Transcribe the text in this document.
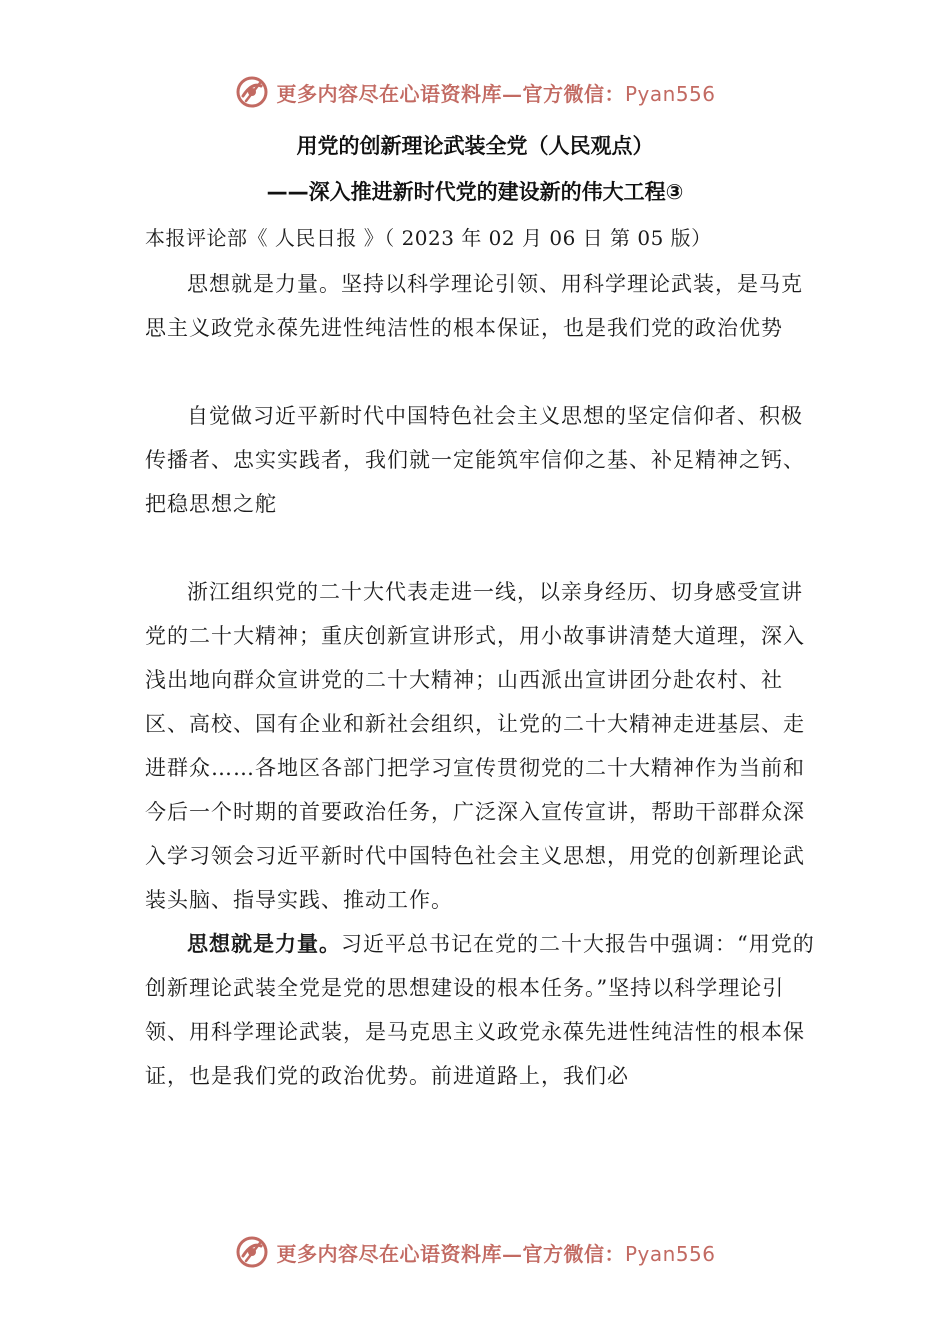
更多内容尽在心语资料库—官方微信：Pyan556
用党的创新理论武装全党（人民观点）
——深入推进新时代党的建设新的伟大工程③
本报评论部《 人民日报 》（ 2023 年 02 月 06 日 第 05 版）

思想就是力量。坚持以科学理论引领、用科学理论武装，是马克思主义政党永葆先进性纯洁性的根本保证，也是我们党的政治优势

自觉做习近平新时代中国特色社会主义思想的坚定信仰者、积极传播者、忠实实践者，我们就一定能筑牢信仰之基、补足精神之钙、把稳思想之舵

浙江组织党的二十大代表走进一线，以亲身经历、切身感受宣讲党的二十大精神；重庆创新宣讲形式，用小故事讲清楚大道理，深入浅出地向群众宣讲党的二十大精神；山西派出宣讲团分赴农村、社区、高校、国有企业和新社会组织，让党的二十大精神走进基层、走进群众……各地区各部门把学习宣传贯彻党的二十大精神作为当前和今后一个时期的首要政治任务，广泛深入宣传宣讲，帮助干部群众深入学习领会习近平新时代中国特色社会主义思想，用党的创新理论武装头脑、指导实践、推动工作。

思想就是力量。习近平总书记在党的二十大报告中强调：“用党的创新理论武装全党是党的思想建设的根本任务。”坚持以科学理论引领、用科学理论武装，是马克思主义政党永葆先进性纯洁性的根本保证，也是我们党的政治优势。前进道路上，我们必

更多内容尽在心语资料库—官方微信：Pyan556
